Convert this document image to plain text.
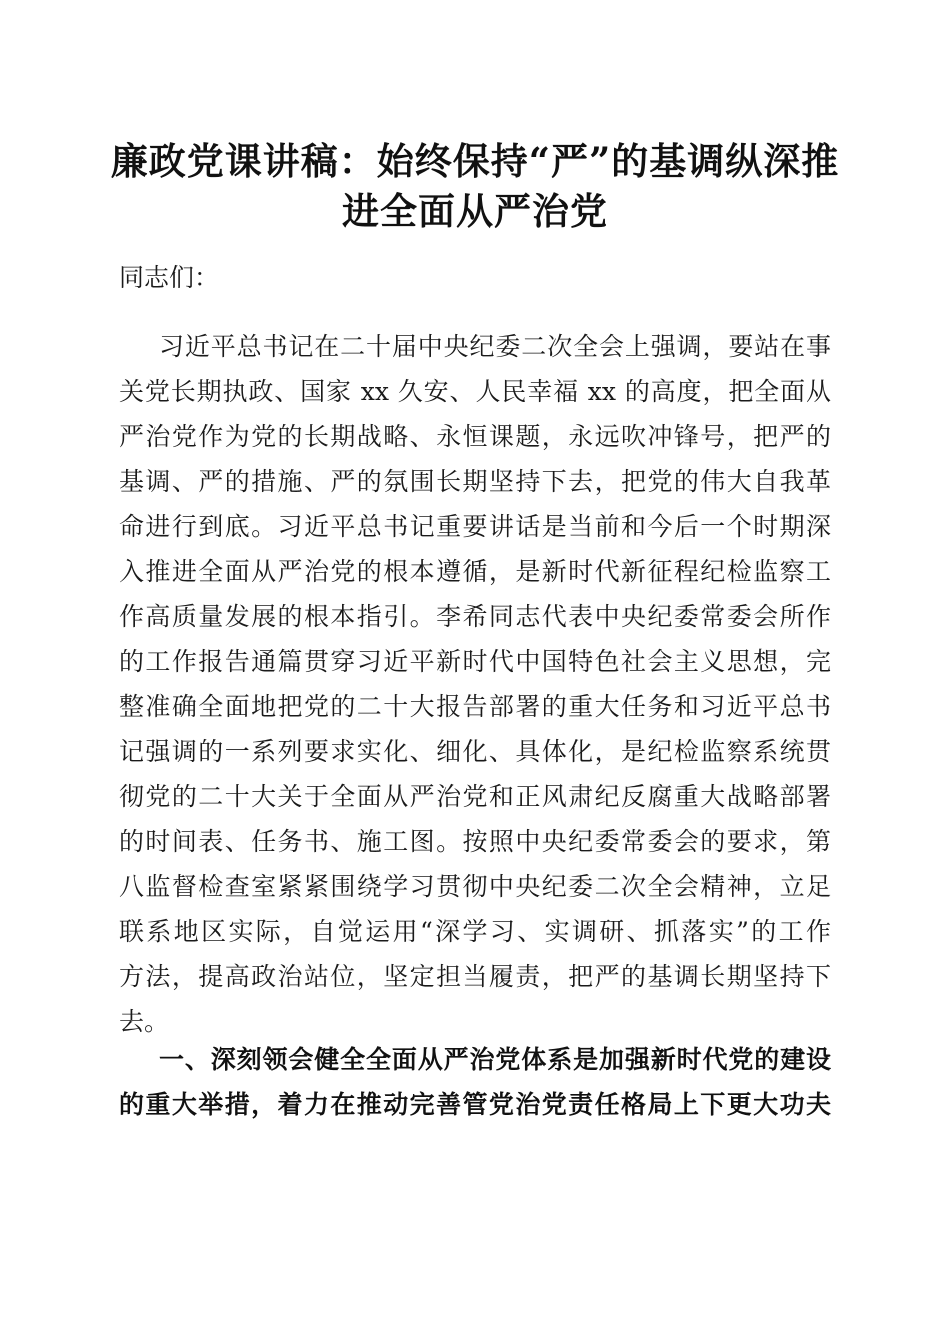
廉政党课讲稿：始终保持“严”的基调纵深推
进全面从严治党

同志们：

习近平总书记在二十届中央纪委二次全会上强调，要站在事
关党长期执政、国家 xx 久安、人民幸福 xx 的高度，把全面从
严治党作为党的长期战略、永恒课题，永远吹冲锋号，把严的
基调、严的措施、严的氛围长期坚持下去，把党的伟大自我革
命进行到底。习近平总书记重要讲话是当前和今后一个时期深
入推进全面从严治党的根本遵循，是新时代新征程纪检监察工
作高质量发展的根本指引。李希同志代表中央纪委常委会所作
的工作报告通篇贯穿习近平新时代中国特色社会主义思想，完
整准确全面地把党的二十大报告部署的重大任务和习近平总书
记强调的一系列要求实化、细化、具体化，是纪检监察系统贯
彻党的二十大关于全面从严治党和正风肃纪反腐重大战略部署
的时间表、任务书、施工图。按照中央纪委常委会的要求，第
八监督检查室紧紧围绕学习贯彻中央纪委二次全会精神，立足
联系地区实际，自觉运用“深学习、实调研、抓落实”的工作
方法，提高政治站位，坚定担当履责，把严的基调长期坚持下
去。
一、深刻领会健全全面从严治党体系是加强新时代党的建设
的重大举措，着力在推动完善管党治党责任格局上下更大功夫
